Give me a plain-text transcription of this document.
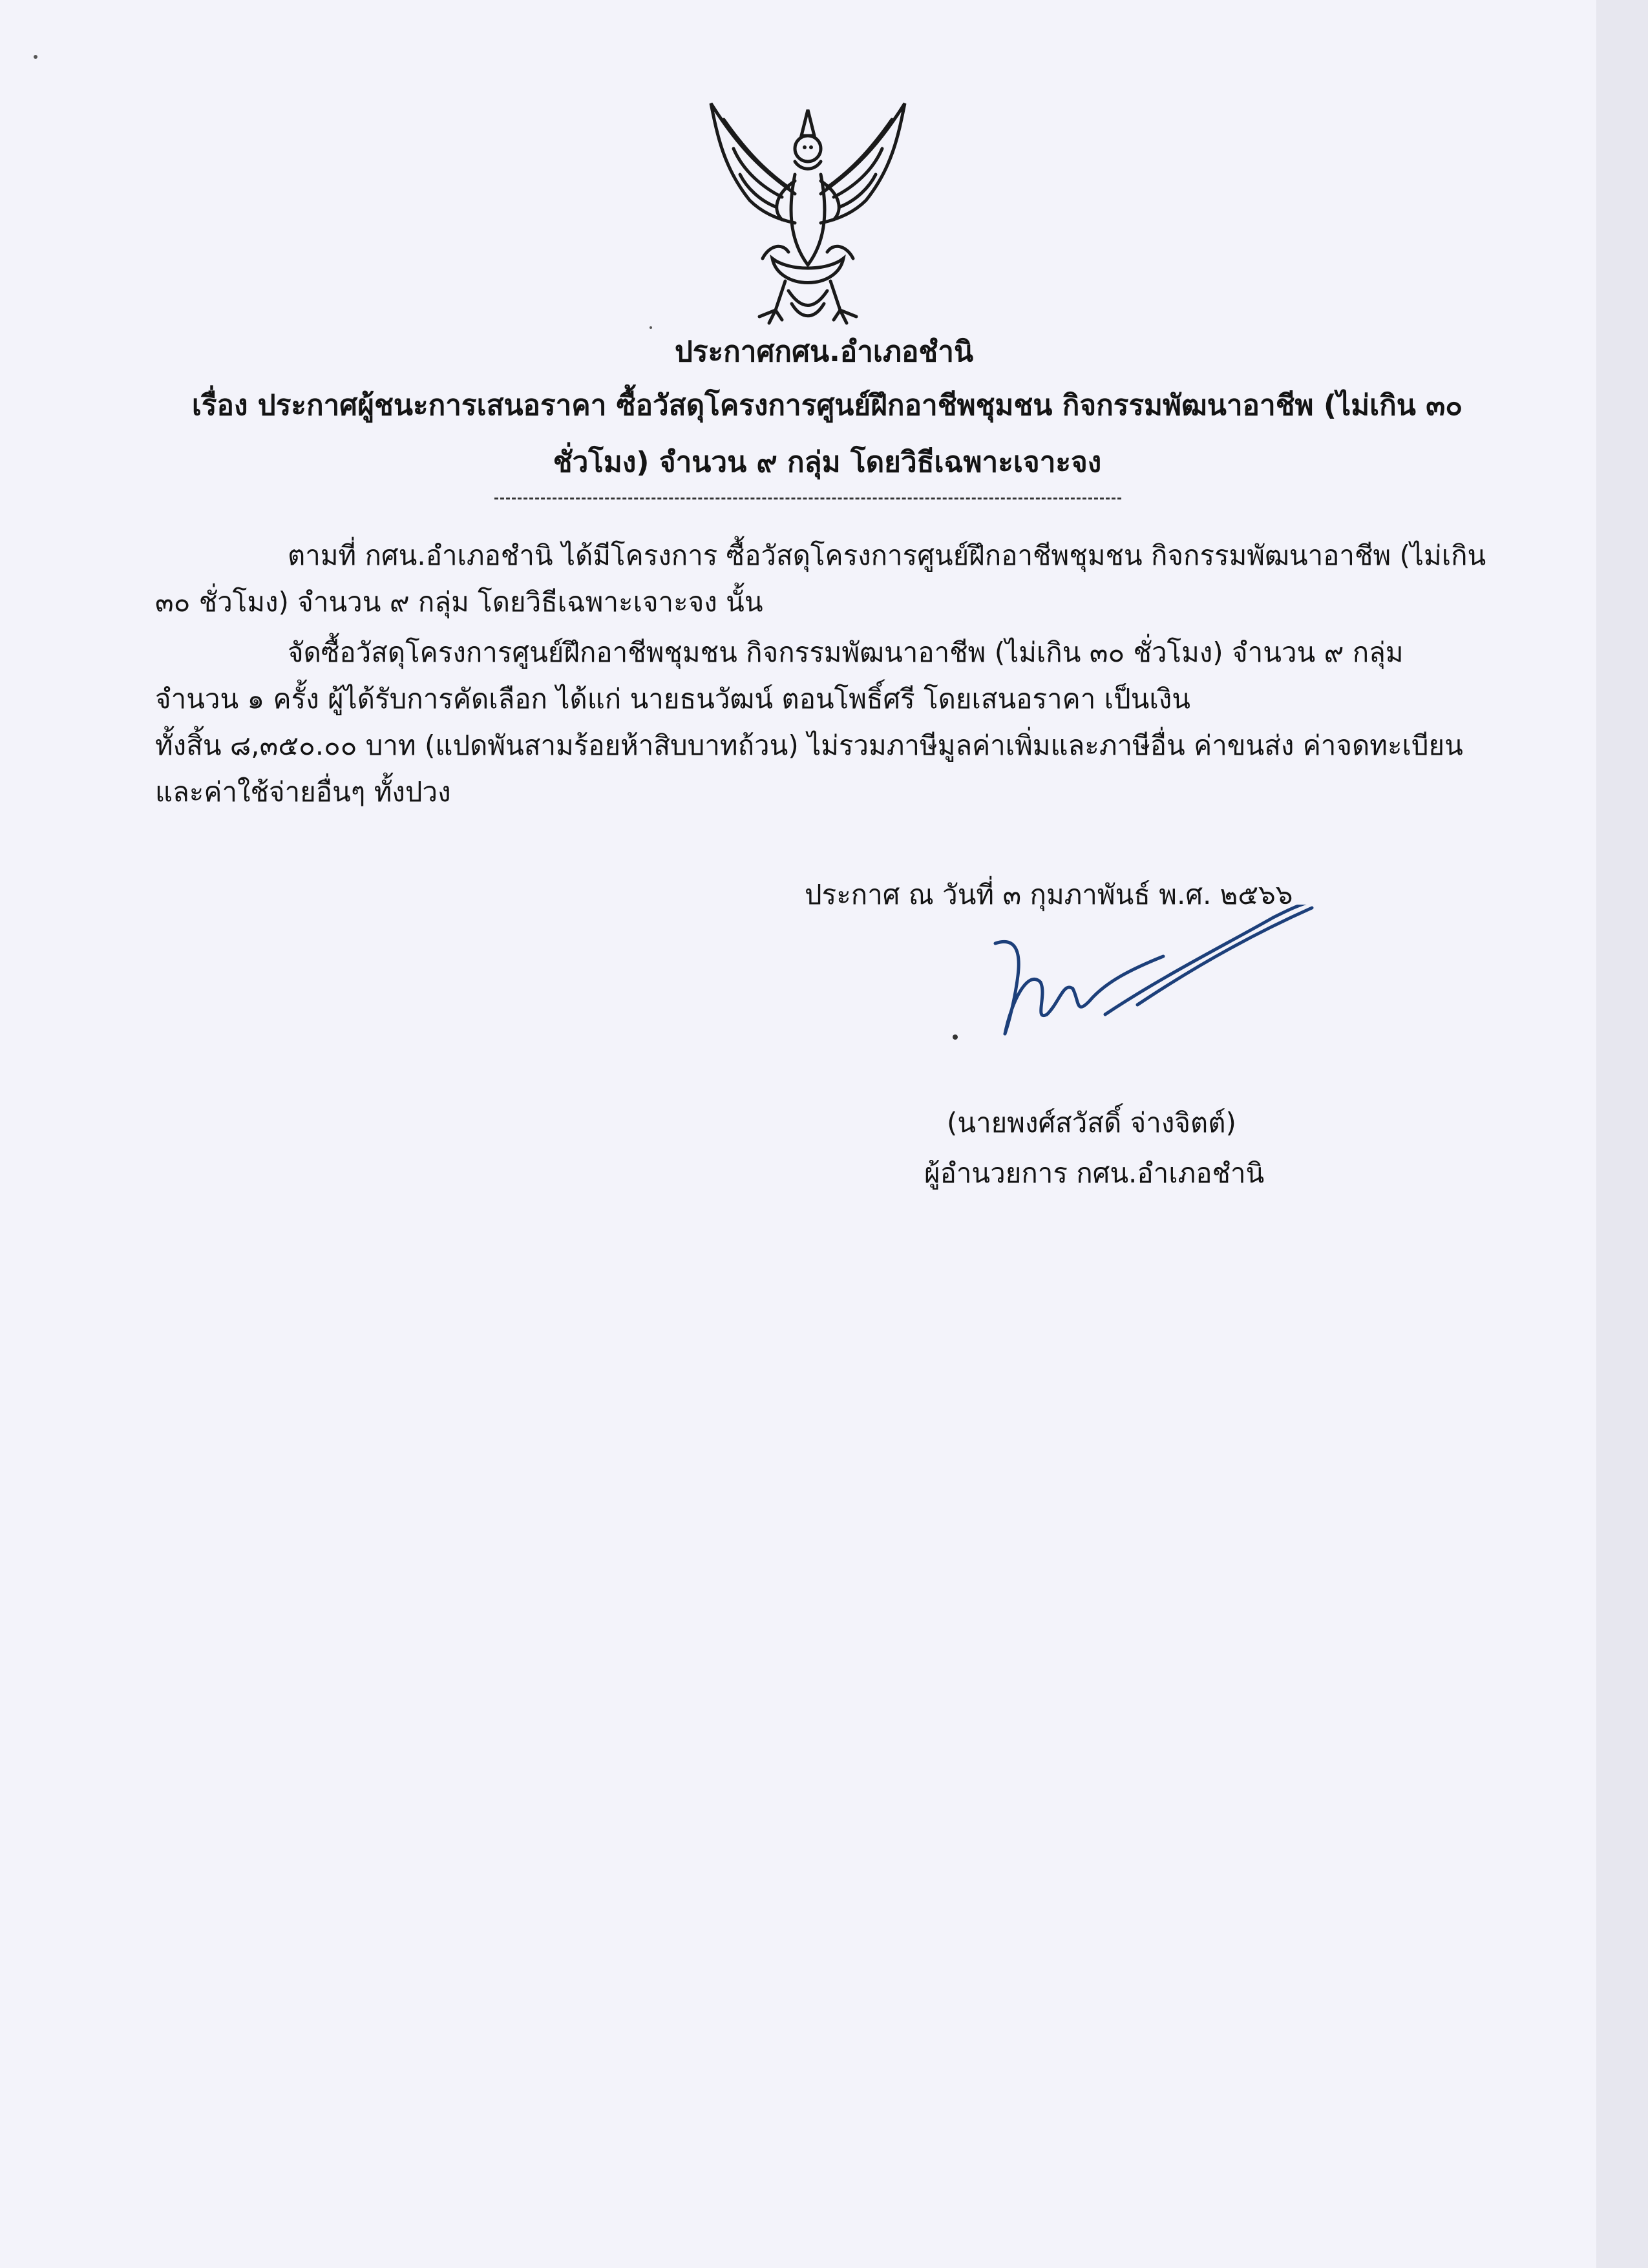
ประกาศกศน.อำเภอชำนิ
เรื่อง ประกาศผู้ชนะการเสนอราคา ซื้อวัสดุโครงการศูนย์ฝึกอาชีพชุมชน กิจกรรมพัฒนาอาชีพ (ไม่เกิน ๓๐
ชั่วโมง) จำนวน ๙ กลุ่ม โดยวิธีเฉพาะเจาะจง
ตามที่ กศน.อำเภอชำนิ ได้มีโครงการ ซื้อวัสดุโครงการศูนย์ฝึกอาชีพชุมชน กิจกรรมพัฒนาอาชีพ (ไม่เกิน
๓๐ ชั่วโมง) จำนวน ๙ กลุ่ม โดยวิธีเฉพาะเจาะจง นั้น
จัดซื้อวัสดุโครงการศูนย์ฝึกอาชีพชุมชน กิจกรรมพัฒนาอาชีพ (ไม่เกิน ๓๐ ชั่วโมง) จำนวน ๙ กลุ่ม
จำนวน ๑ ครั้ง ผู้ได้รับการคัดเลือก ได้แก่ นายธนวัฒน์ ตอนโพธิ์ศรี โดยเสนอราคา เป็นเงิน
ทั้งสิ้น ๘,๓๕๐.๐๐ บาท (แปดพันสามร้อยห้าสิบบาทถ้วน) ไม่รวมภาษีมูลค่าเพิ่มและภาษีอื่น ค่าขนส่ง ค่าจดทะเบียน
และค่าใช้จ่ายอื่นๆ ทั้งปวง
ประกาศ ณ วันที่ ๓ กุมภาพันธ์ พ.ศ. ๒๕๖๖
(นายพงศ์สวัสดิ์ จ่างจิตต์)
ผู้อำนวยการ กศน.อำเภอชำนิ
